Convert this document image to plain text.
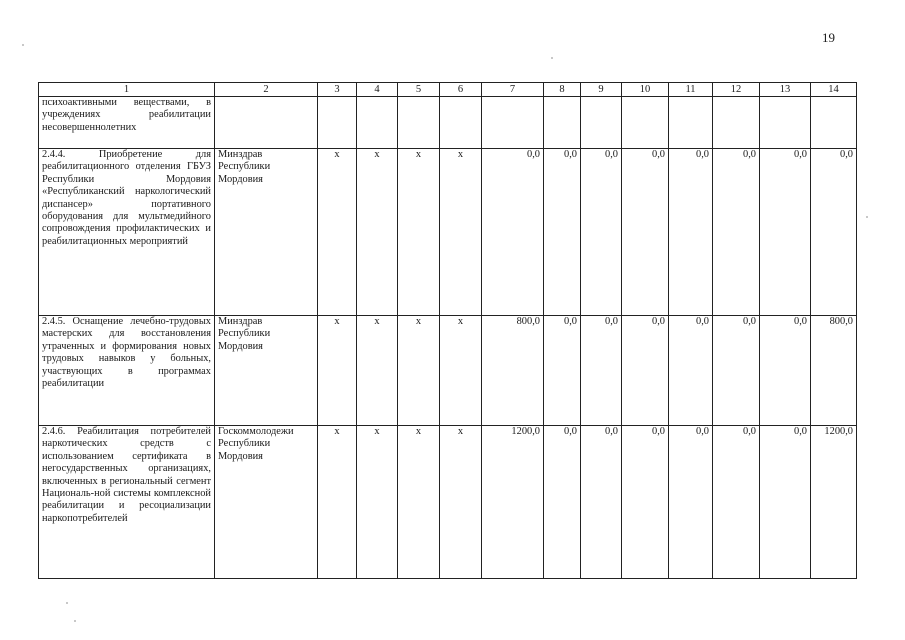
19
1	2	3	4	5	6	7	8	9	10	11	12	13	14
психоактивными веществами, в учреждениях реабилитации несовершеннолетних													
2.4.4. Приобретение для реабилитационного отделения ГБУЗ Республики Мордовия «Республиканский наркологический диспансер» портативного оборудования для мультмедийного сопровождения профилактических и реабилитационных мероприятий	Минздрав Республики Мордовия	х	х	х	х	0,0	0,0	0,0	0,0	0,0	0,0	0,0	0,0
2.4.5. Оснащение лечебно-трудовых мастерских для восстановления утраченных и формирования новых трудовых навыков у больных, участвующих в программах реабилитации	Минздрав Республики Мордовия	х	х	х	х	800,0	0,0	0,0	0,0	0,0	0,0	0,0	800,0
2.4.6. Реабилитация потребителей наркотических средств с использованием сертификата в негосударственных организациях, включенных в региональный сегмент Националь-ной системы комплексной реабилитации и ресоциализации наркопотребителей	Госкоммолодежи Республики Мордовия	х	х	х	х	1200,0	0,0	0,0	0,0	0,0	0,0	0,0	1200,0
